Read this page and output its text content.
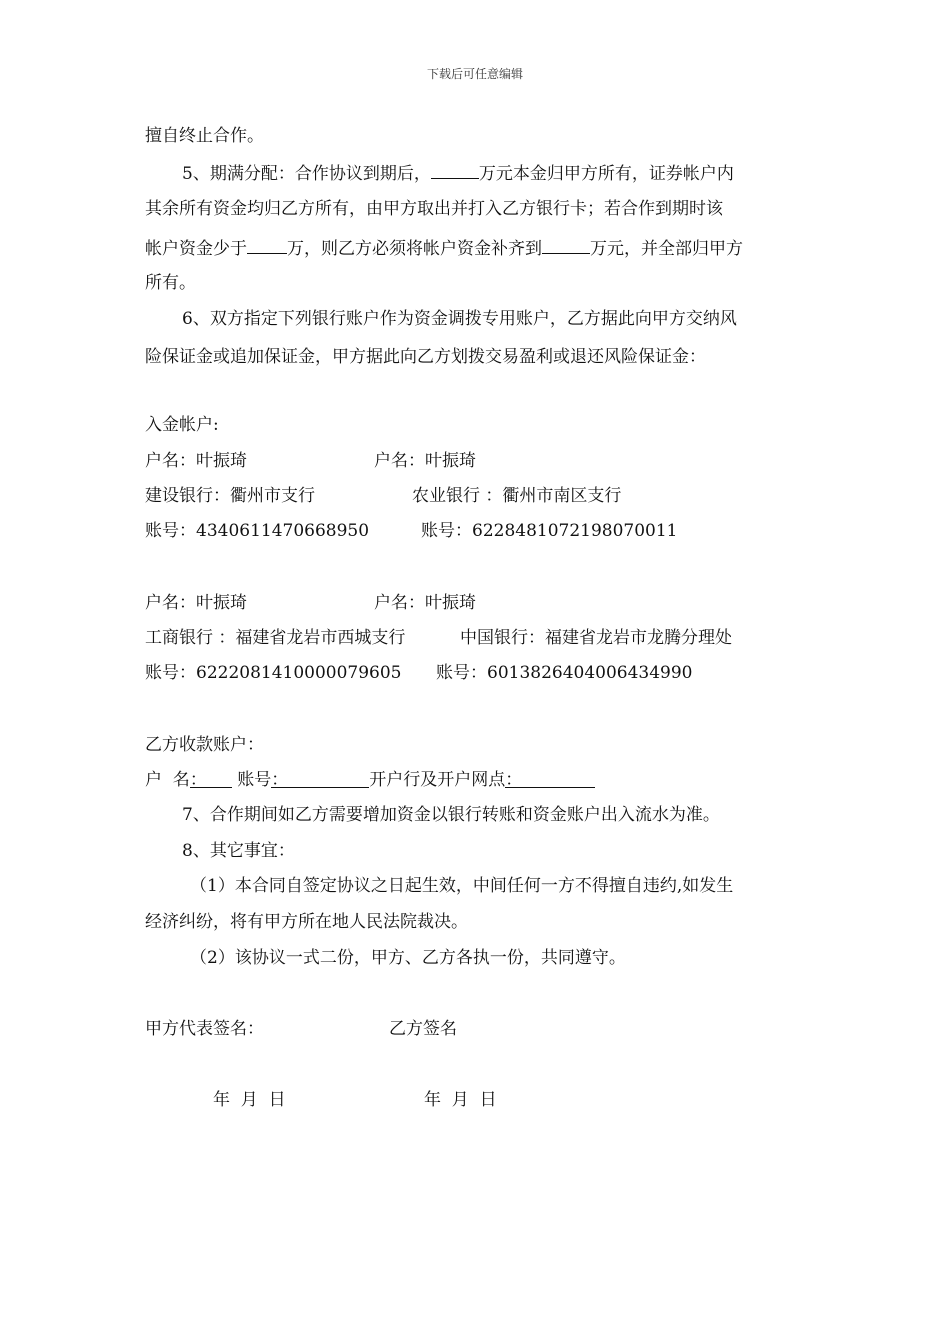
下载后可任意编辑
擅自终止合作。
5、期满分配：合作协议到期后，	万元本金归甲方所有，证券帐户内
其余所有资金均归乙方所有，由甲方取出并打入乙方银行卡；若合作到期时该
帐户资金少于 万，则乙方必须将帐户资金补齐到	万元，并全部归甲方
所有。
6、双方指定下列银行账户作为资金调拨专用账户，乙方据此向甲方交纳风
险保证金或追加保证金，甲方据此向乙方划拨交易盈利或退还风险保证金：
入金帐户:
户名：叶振琦	户名：叶振琦
建设银行：衢州市支行	农业银行 ：衢州市南区支行
账号：4340611470668950	账号：6228481072198070011
户名：叶振琦	户名：叶振琦
工商银行 ：福建省龙岩市西城支行	中国银行：福建省龙岩市龙腾分理处
账号：6222081410000079605 账号：6013826404006434990
乙方收款账户：
户  名： 账号：	开户行及开户网点：
7、合作期间如乙方需要增加资金以银行转账和资金账户出入流水为准。
8、其它事宜：
（1）本合同自签定协议之日起生效，中间任何一方不得擅自违约,如发生
经济纠纷，将有甲方所在地人民法院裁决。
（2）该协议一式二份，甲方、乙方各执一份，共同遵守。
甲方代表签名：	乙方签名
年  月  日	年  月  日
